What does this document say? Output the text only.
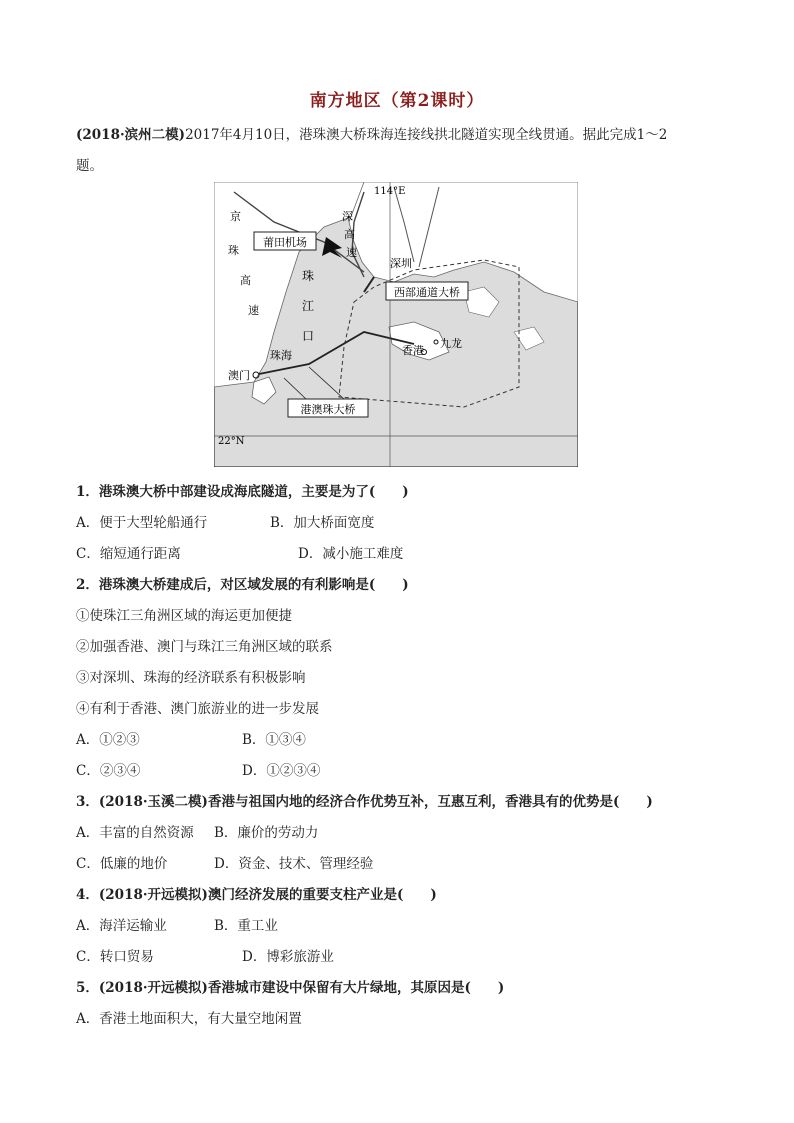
南方地区（第2课时）
(2018·滨州二模)2017年4月10日，港珠澳大桥珠海连接线拱北隧道实现全线贯通。据此完成1～2
题。
莆田机场
西部通道大桥
港澳珠大桥
114°E
22°N
深圳
香港
九龙
澳门
珠海
珠
江
口
京
珠
高
速
深
高
速
1．港珠澳大桥中部建设成海底隧道，主要是为了(　　)
A．便于大型轮船通行	B．加大桥面宽度
C．缩短通行距离	D．减小施工难度
2．港珠澳大桥建成后，对区域发展的有利影响是(　　)
①使珠江三角洲区域的海运更加便捷
②加强香港、澳门与珠江三角洲区域的联系
③对深圳、珠海的经济联系有积极影响
④有利于香港、澳门旅游业的进一步发展
A．①②③	B．①③④
C．②③④	D．①②③④
3．(2018·玉溪二模)香港与祖国内地的经济合作优势互补，互惠互利，香港具有的优势是(　　)
A．丰富的自然资源 B．廉价的劳动力
C．低廉的地价	D．资金、技术、管理经验
4．(2018·开远模拟)澳门经济发展的重要支柱产业是(　　)
A．海洋运输业	B．重工业
C．转口贸易	D．博彩旅游业
5．(2018·开远模拟)香港城市建设中保留有大片绿地，其原因是(　　)
A．香港土地面积大，有大量空地闲置
